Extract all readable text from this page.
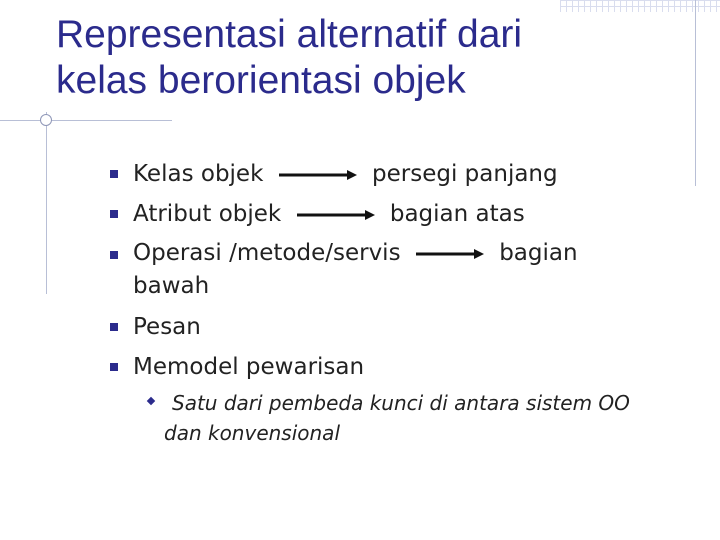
Representasi alternatif dari
kelas berorientasi objek
Kelas objek	persegi panjang
Atribut objek	bagian atas
Operasi /metode/servis	bagian
bawah
Pesan
Memodel pewarisan
Satu dari pembeda kunci di antara sistem OO
dan konvensional
